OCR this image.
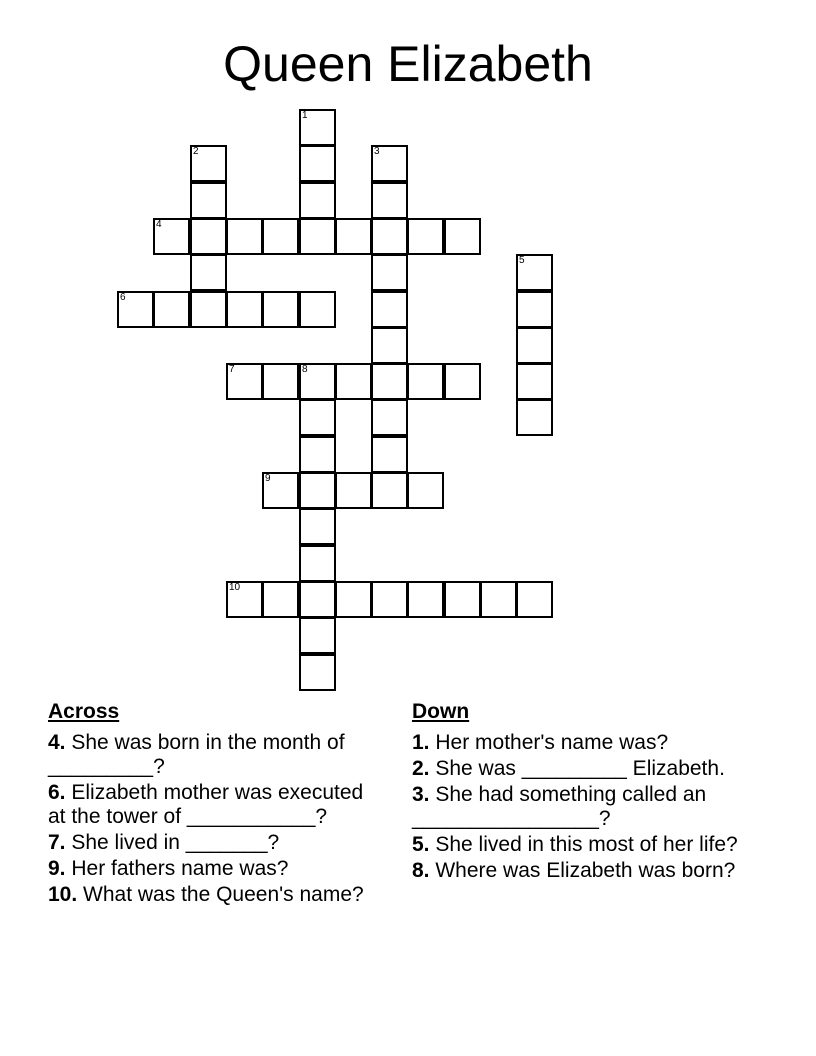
Queen Elizabeth
1
2	3
4
5
6
7	8
9
10
Across
4. She was born in the month of _________?
6. Elizabeth mother was executed at the tower of ___________?
7. She lived in _______?
9. Her fathers name was?
10. What was the Queen's name?
Down
1. Her mother's name was?
2. She was _________ Elizabeth.
3. She had something called an ________________?
5. She lived in this most of her life?
8. Where was Elizabeth was born?
